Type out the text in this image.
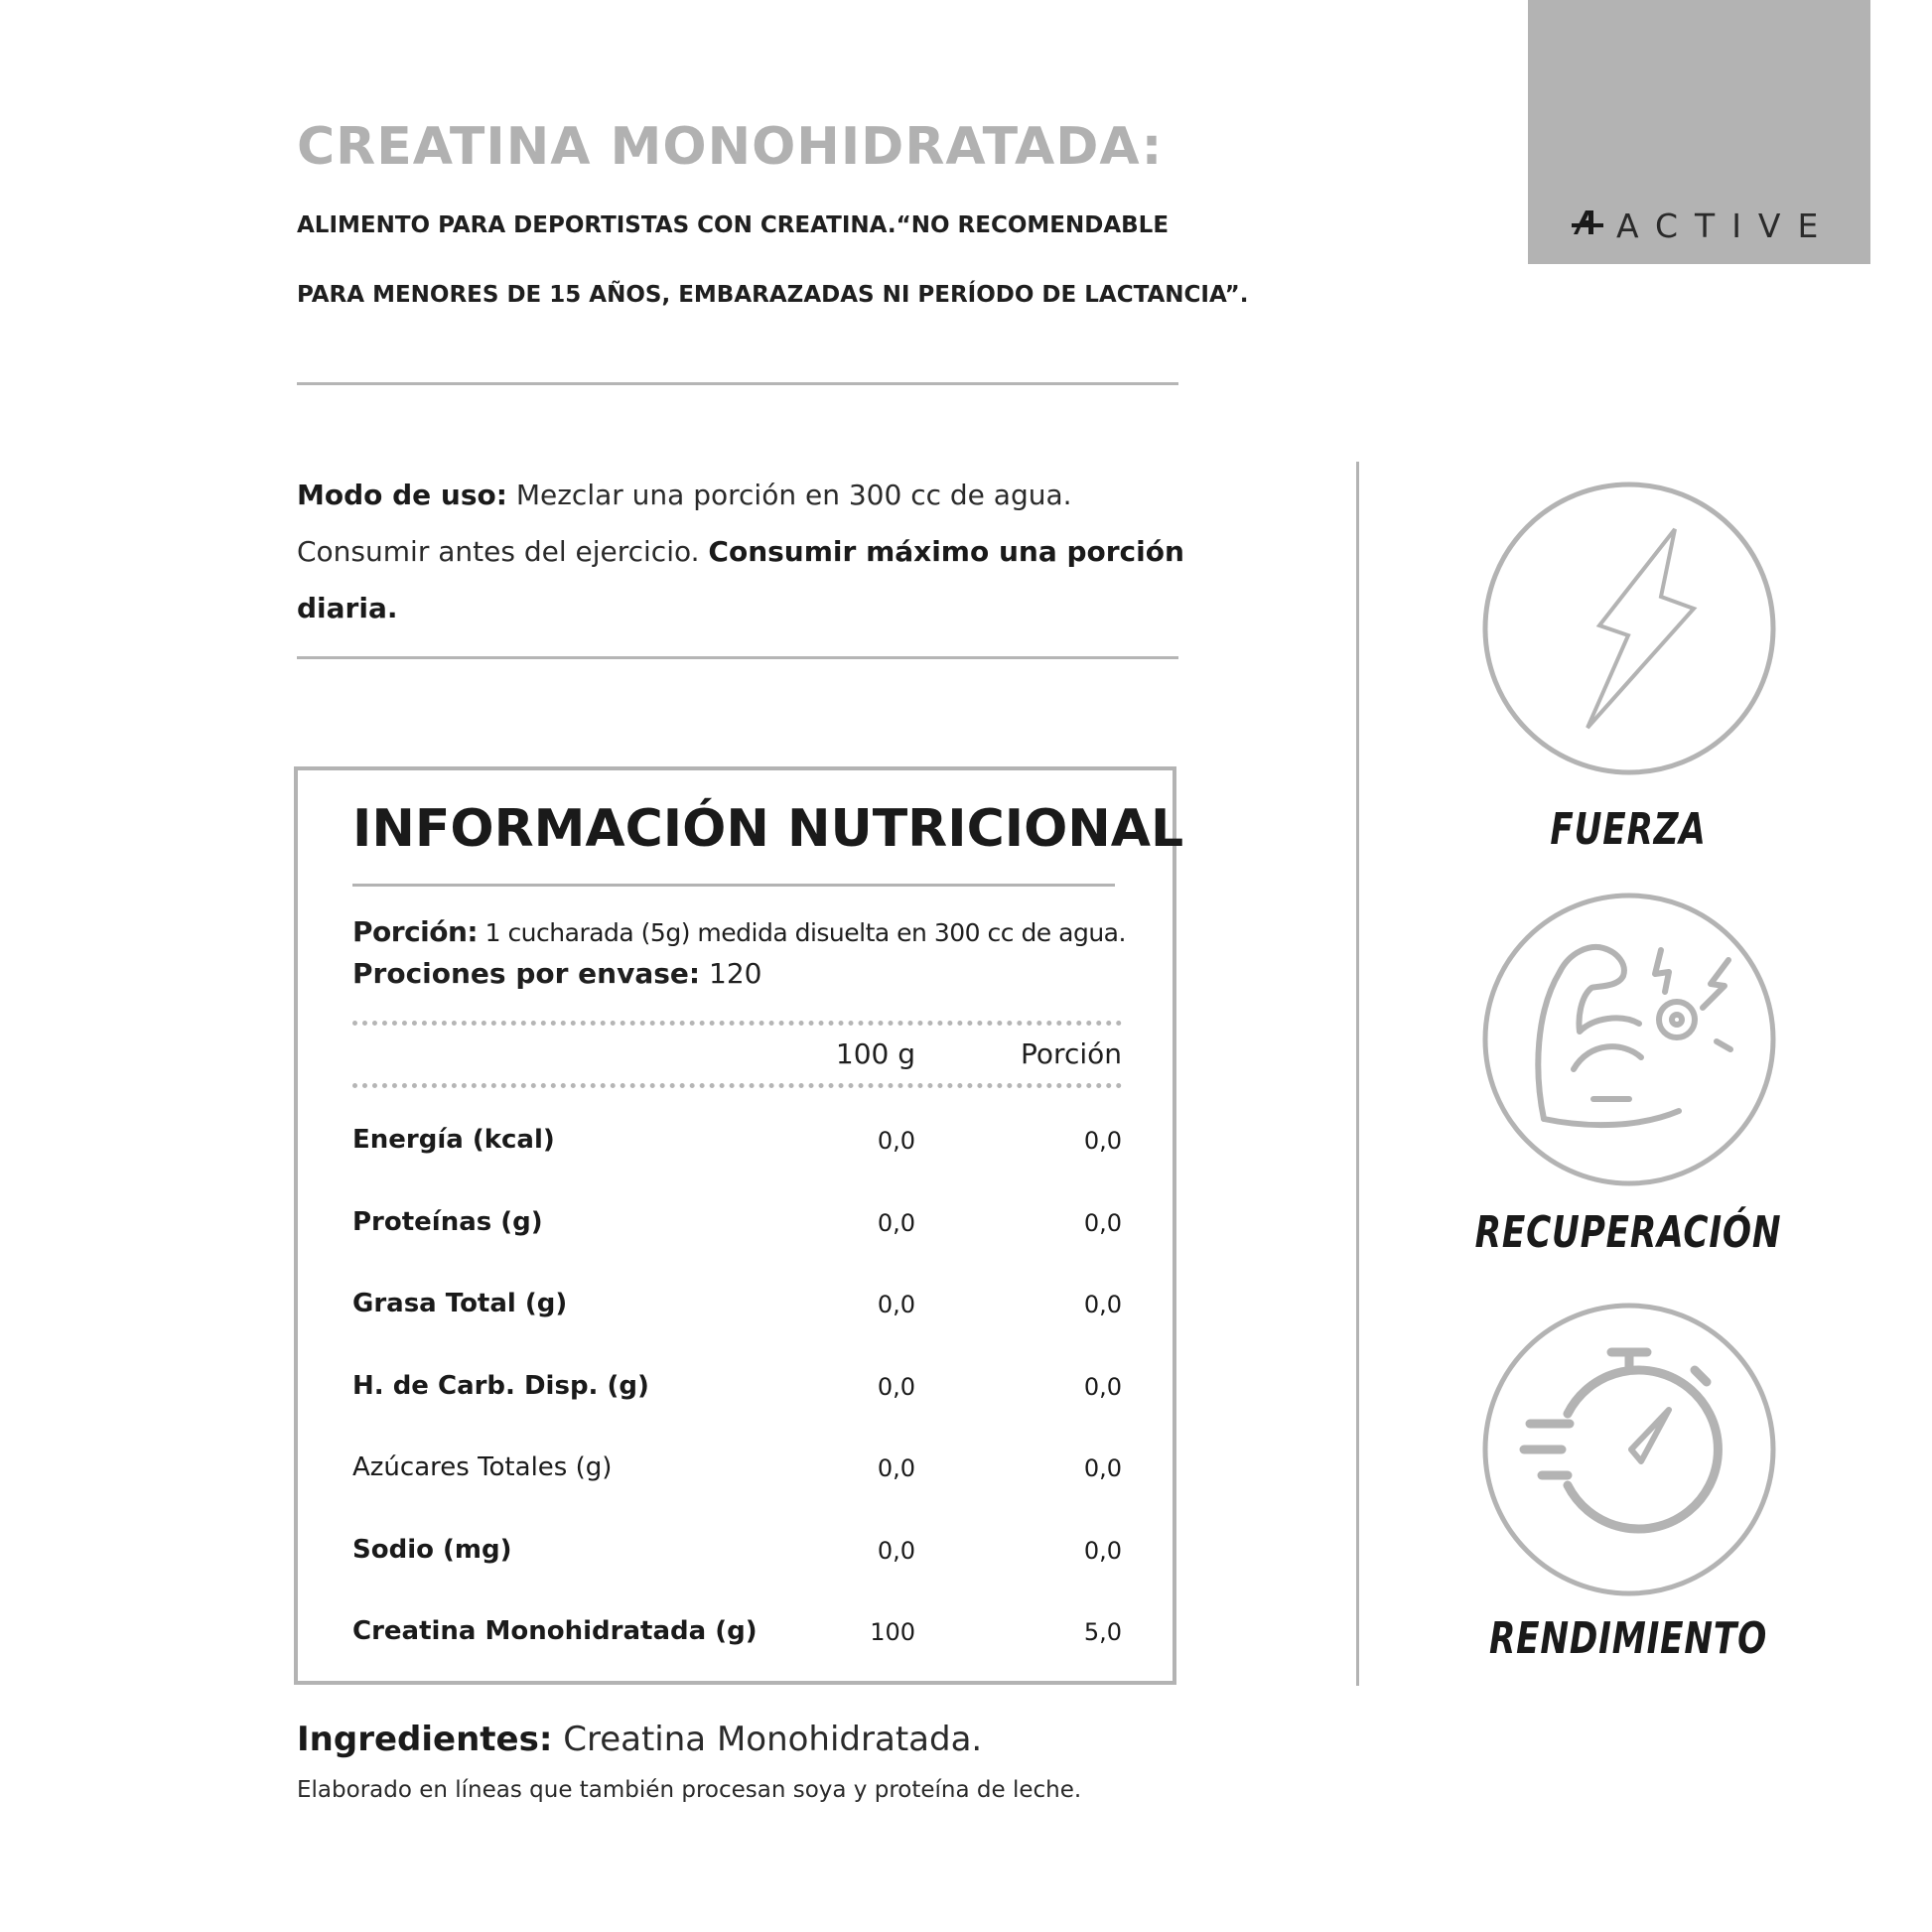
ACTIVE
CREATINA MONOHIDRATADA:
ALIMENTO PARA DEPORTISTAS CON CREATINA.“NO RECOMENDABLE
PARA MENORES DE 15 AÑOS, EMBARAZADAS NI PERÍODO DE LACTANCIA”.
Modo de uso: Mezclar una porción en 300 cc de agua. Consumir antes del ejercicio. Consumir máximo una porción diaria.
INFORMACIÓN NUTRICIONAL
Porción: 1 cucharada (5g) medida disuelta en 300 cc de agua.
Prociones por envase: 120
100 g	Porción
Energía (kcal)	0,0	0,0
Proteínas (g)	0,0	0,0
Grasa Total (g)	0,0	0,0
H. de Carb. Disp. (g)	0,0	0,0
Azúcares Totales (g)	0,0	0,0
Sodio (mg)	0,0	0,0
Creatina Monohidratada (g)	100	5,0
Ingredientes: Creatina Monohidratada.
Elaborado en líneas que también procesan soya y proteína de leche.
FUERZA
RECUPERACIÓN
RENDIMIENTO
